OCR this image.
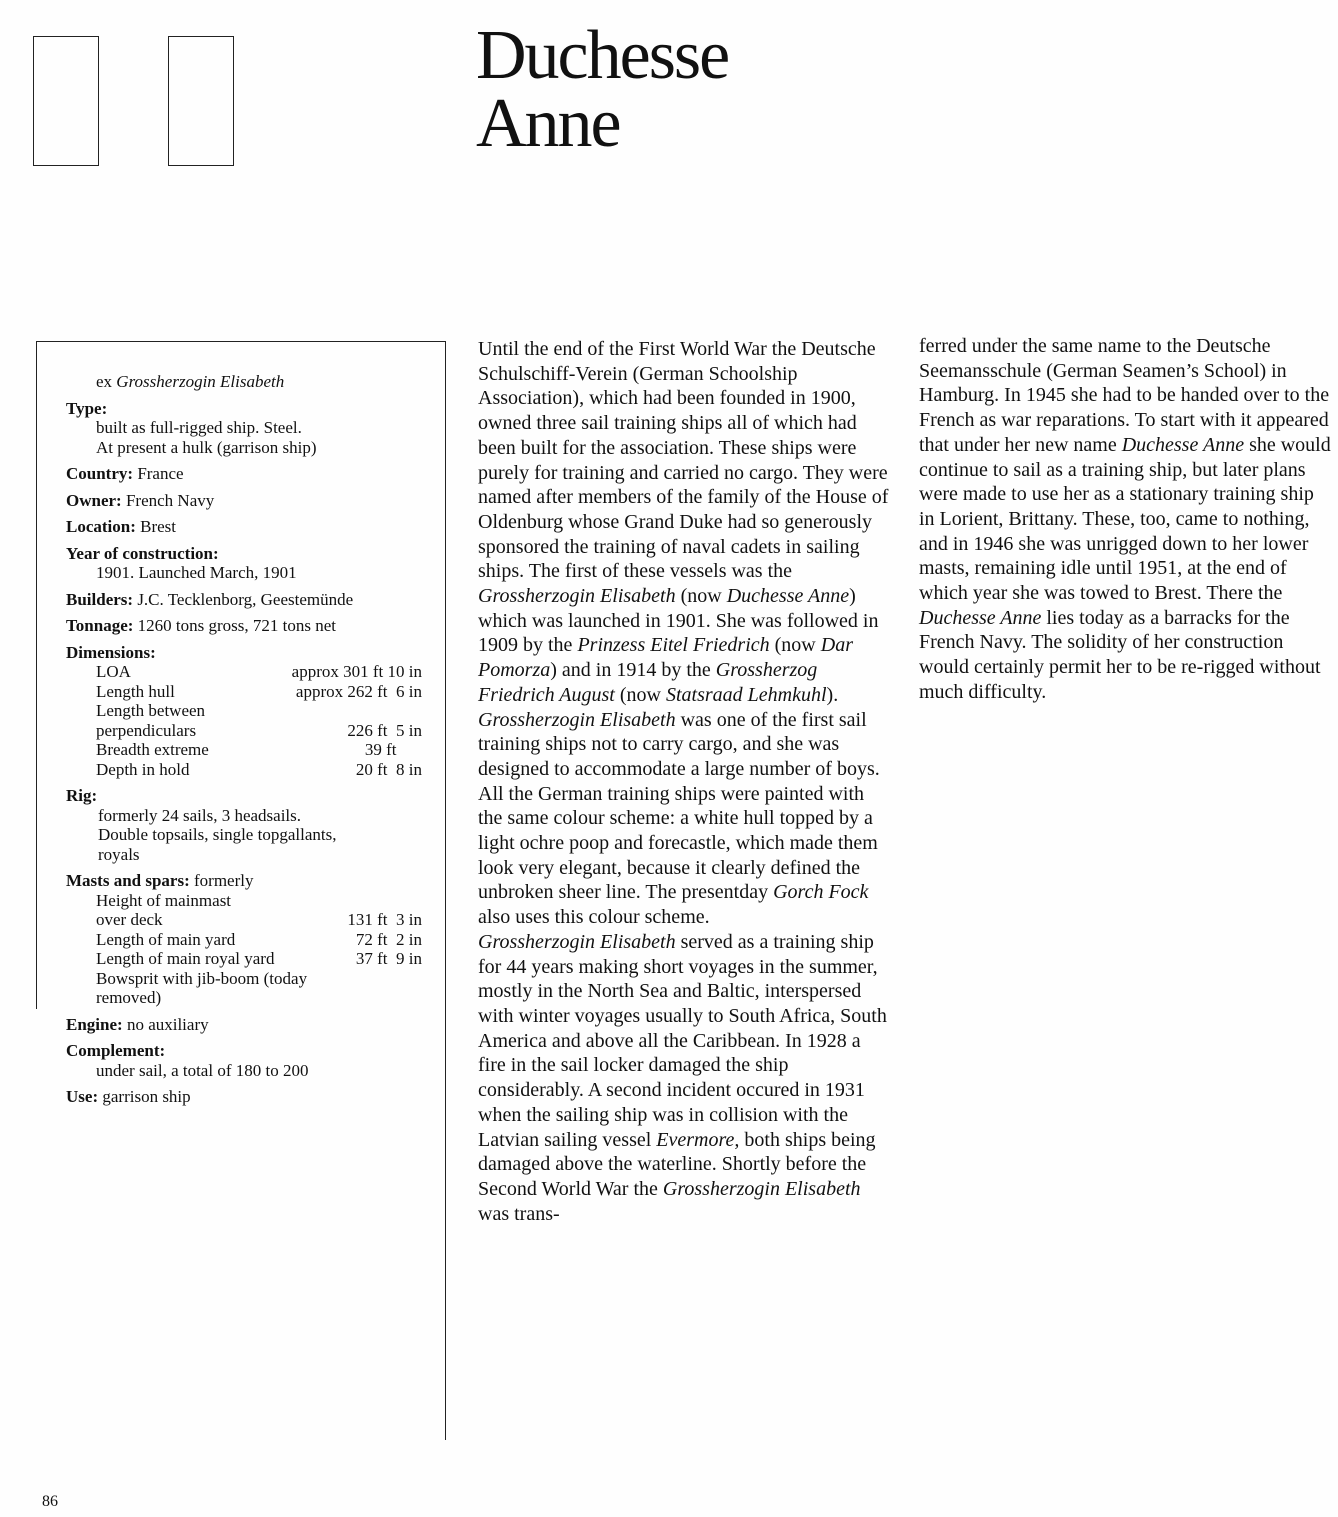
Duchesse
Anne
ex Grossherzogin Elisabeth
Type:
built as full-rigged ship. Steel.
At present a hulk (garrison ship)
Country: France
Owner: French Navy
Location: Brest
Year of construction:
1901. Launched March, 1901
Builders: J.C. Tecklenborg, Geestemünde
Tonnage: 1260 tons gross, 721 tons net
Dimensions:
LOA	approx 301 ft 10 in
Length hull	approx 262 ft  6 in
Length between
perpendiculars	226 ft  5 in
Breadth extreme	39 ft
Depth in hold	20 ft  8 in
Rig:
formerly 24 sails, 3 headsails.
Double topsails, single topgallants,
royals
Masts and spars: formerly
Height of mainmast
over deck	131 ft  3 in
Length of main yard	72 ft  2 in
Length of main royal yard	37 ft  9 in
Bowsprit with jib-boom (today
removed)
Engine: no auxiliary
Complement:
under sail, a total of 180 to 200
Use: garrison ship

Until the end of the First World War the Deutsche Schulschiff-Verein (German Schoolship Association), which had been founded in 1900, owned three sail training ships all of which had been built for the association. These ships were purely for training and carried no cargo. They were named after members of the family of the House of Oldenburg whose Grand Duke had so generously sponsored the training of naval cadets in sailing ships. The first of these vessels was the Grossherzogin Elisabeth (now Duchesse Anne) which was launched in 1901. She was followed in 1909 by the Prinzess Eitel Friedrich (now Dar Pomorza) and in 1914 by the Grossherzog Friedrich August (now Statsraad Lehmkuhl).

Grossherzogin Elisabeth was one of the first sail training ships not to carry cargo, and she was designed to accommodate a large number of boys.

All the German training ships were painted with the same colour scheme: a white hull topped by a light ochre poop and forecastle, which made them look very elegant, because it clearly defined the unbroken sheer line. The presentday Gorch Fock also uses this colour scheme.

Grossherzogin Elisabeth served as a training ship for 44 years making short voyages in the summer, mostly in the North Sea and Baltic, interspersed with winter voyages usually to South Africa, South America and above all the Caribbean. In 1928 a fire in the sail locker damaged the ship considerably. A second incident occured in 1931 when the sailing ship was in collision with the Latvian sailing vessel Evermore, both ships being damaged above the waterline. Shortly before the Second World War the Grossherzogin Elisabeth was trans-

ferred under the same name to the Deutsche Seemansschule (German Seamen’s School) in Hamburg. In 1945 she had to be handed over to the French as war reparations. To start with it appeared that under her new name Duchesse Anne she would continue to sail as a training ship, but later plans were made to use her as a stationary training ship in Lorient, Brittany. These, too, came to nothing, and in 1946 she was unrigged down to her lower masts, remaining idle until 1951, at the end of which year she was towed to Brest. There the Duchesse Anne lies today as a barracks for the French Navy. The solidity of her construction would certainly permit her to be re-rigged without much difficulty.

86
